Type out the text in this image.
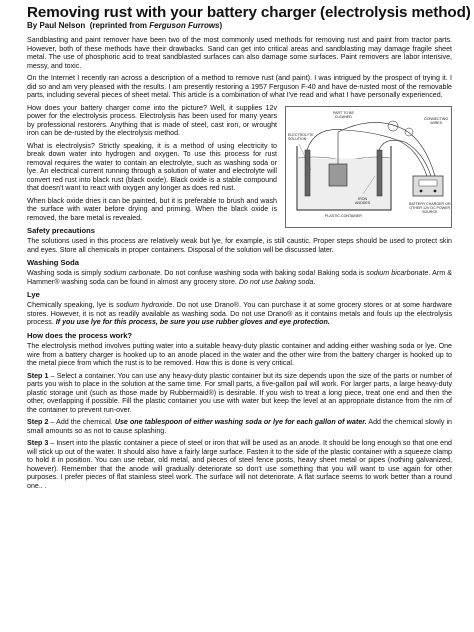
Removing rust with your battery charger (electrolysis method)
By Paul Nelson (reprinted from Ferguson Furrows)

Sandblasting and paint remover have been two of the most commonly used methods for removing rust and paint from tractor parts. However, both of these methods have their drawbacks. Sand can get into critical areas and sandblasting may damage fragile sheet metal. The use of phosphoric acid to treat sandblasted surfaces can also damage some surfaces. Paint removers are labor intensive, messy, and toxic.

On the Internet I recently ran across a description of a method to remove rust (and paint). I was intrigued by the prospect of trying it. I did so and am very pleased with the results. I am presently restoring a 1957 Ferguson F-40 and have de-rusted most of the removable parts, including several pieces of sheet metal. This article is a combination of what I've read and what I have personally experienced.

PART TO BE
CLEANED	CONNECTING
WIRES
ELECTROLYTE
SOLUTION
IRON
ANODES
PLASTIC CONTAINER
BATTERY CHARGER OR
OTHER 12V DC POWER
SOURCE

How does your battery charger come into the picture? Well, it supplies 12v power for the electrolysis process. Electrolysis has been used for many years by professional restorers. Anything that is made of steel, cast iron, or wrought iron can be de-rusted by the electrolysis method.

What is electrolysis? Strictly speaking, it is a method of using electricity to break down water into hydrogen and oxygen. To use this process for rust removal requires the water to contain an electrolyte, such as washing soda or lye. An electrical current running through a solution of water and electrolyte will convert red rust into black rust (black oxide). Black oxide is a stable compound that doesn't want to react with oxygen any longer as does red rust.

When black oxide dries it can be painted, but it is preferable to brush and wash the surface with water before drying and priming. When the black oxide is removed, the bare metal is revealed.

Safety precautions

The solutions used in this process are relatively weak but lye, for example, is still caustic. Proper steps should be used to protect skin and eyes. Store all chemicals in proper containers. Disposal of the solution will be discussed later.

Washing Soda

Washing soda is simply sodium carbonate. Do not confuse washing soda with baking soda! Baking soda is sodium bicarbonate. Arm & Hammer® washing soda can be found in almost any grocery store. Do not use baking soda.

Lye

Chemically speaking, lye is sodium hydroxide. Do not use Drano®. You can purchase it at some grocery stores or at some hardware stores. However, it is not as readily available as washing soda. Do not use Drano® as it contains metals and fouls up the electrolysis process. If you use lye for this process, be sure you use rubber gloves and eye protection.

How does the process work?

The electrolysis method involves putting water into a suitable heavy-duty plastic container and adding either washing soda or lye. One wire from a battery charger is hooked up to an anode placed in the water and the other wire from the battery charger is hooked up to the metal piece from which the rust is to be removed. How this is done is very critical.

Step 1 – Select a container. You can use any heavy-duty plastic container but its size depends upon the size of the parts or number of parts you wish to place in the solution at the same time. For small parts, a five-gallon pail will work. For larger parts, a large heavy-duty plastic storage unit (such as those made by Rubbermaid®) is desirable. If you wish to treat a long piece, treat one end and then the other, overlapping if possible. Fill the plastic container you use with water but keep the level at an appropriate distance from the rim of the container to prevent run-over.

Step 2 – Add the chemical. Use one tablespoon of either washing soda or lye for each gallon of water. Add the chemical slowly in small amounts so as not to cause splashing.

Step 3 – Insert into the plastic container a piece of steel or iron that will be used as an anode. It should be long enough so that one end will stick up out of the water. It should also have a fairly large surface. Fasten it to the side of the plastic container with a squeeze clamp to hold it in position. You can use rebar, old metal, and pieces of steel fence posts, heavy sheet metal or pipes (nothing galvanized, however). Remember that the anode will gradually deteriorate so don't use something that you will want to use again for other purposes. I prefer pieces of flat stainless steel work. The surface will not deteriorate. A flat surface seems to work better than a round one.. .
